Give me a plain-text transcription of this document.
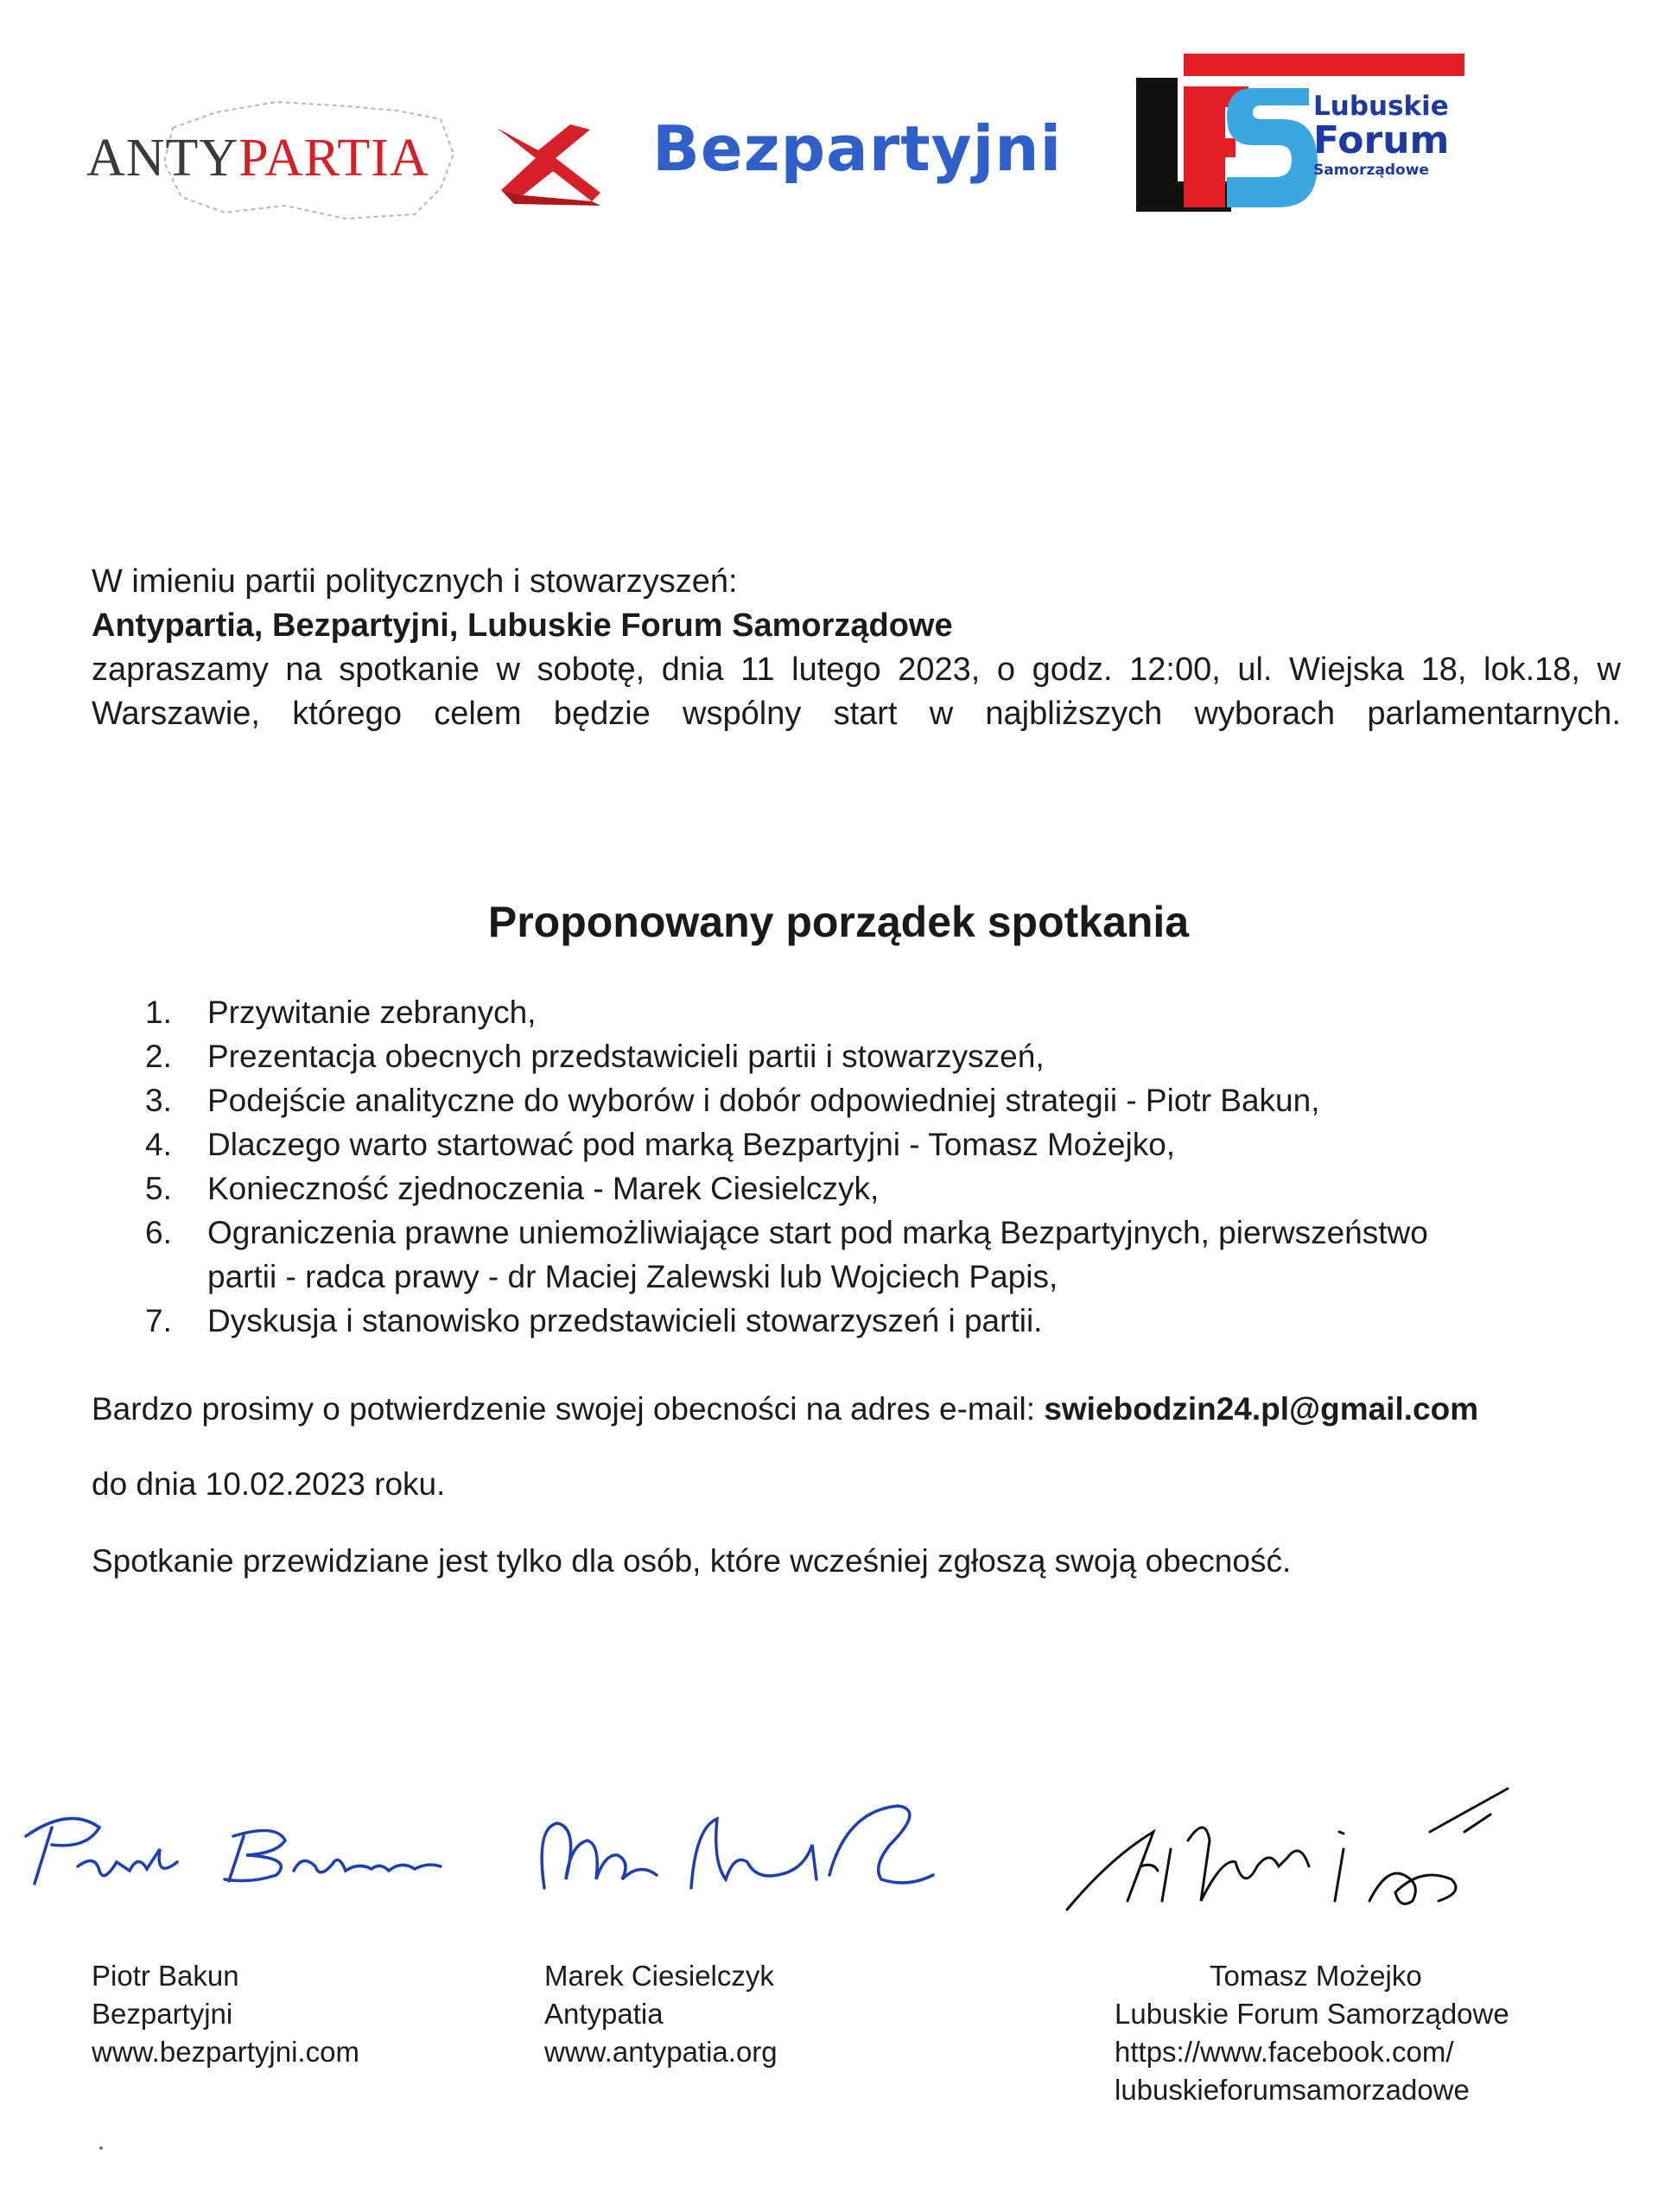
ANTYPARTIA	Bezpartyjni
Lubuskie
Forum
Samorządowe
W imieniu partii politycznych i stowarzyszeń:
Antypartia, Bezpartyjni, Lubuskie Forum Samorządowe
zapraszamy na spotkanie w sobotę, dnia 11 lutego 2023, o godz. 12:00, ul. Wiejska 18, lok.18, w Warszawie, którego celem będzie wspólny start w najbliższych wyborach parlamentarnych.
Proponowany porządek spotkania
1. Przywitanie zebranych,
2. Prezentacja obecnych przedstawicieli partii i stowarzyszeń,
3. Podejście analityczne do wyborów i dobór odpowiedniej strategii - Piotr Bakun,
4. Dlaczego warto startować pod marką Bezpartyjni - Tomasz Możejko,
5. Konieczność zjednoczenia - Marek Ciesielczyk,
6. Ograniczenia prawne uniemożliwiające start pod marką Bezpartyjnych, pierwszeństwo partii - radca prawy - dr Maciej Zalewski lub Wojciech Papis,
7. Dyskusja i stanowisko przedstawicieli stowarzyszeń i partii.
Bardzo prosimy o potwierdzenie swojej obecności na adres e-mail: swiebodzin24.pl@gmail.com
do dnia 10.02.2023 roku.
Spotkanie przewidziane jest tylko dla osób, które wcześniej zgłoszą swoją obecność.
Piotr Bakun
Bezpartyjni
www.bezpartyjni.com
Marek Ciesielczyk
Antypatia
www.antypatia.org
Tomasz Możejko
Lubuskie Forum Samorządowe
https://www.facebook.com/
lubuskieforumsamorzadowe
